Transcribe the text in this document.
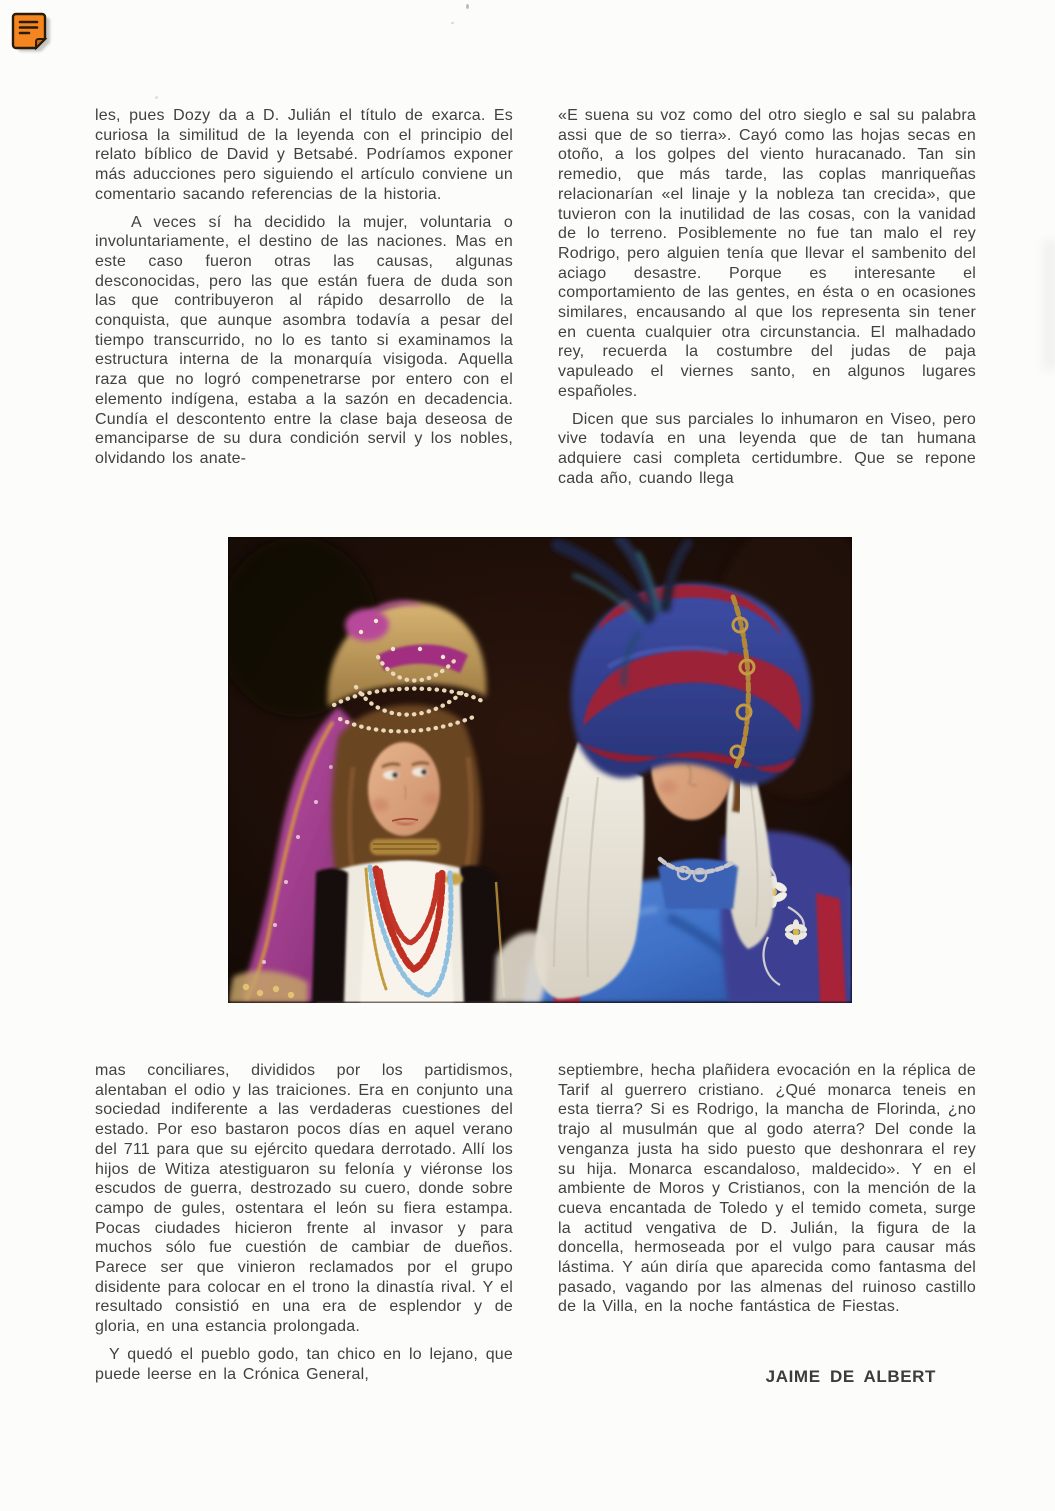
les, pues Dozy da a D. Julián el título de exarca. Es curiosa la similitud de la leyenda con el principio del relato bíblico de David y Betsabé. Podríamos exponer más aducciones pero siguiendo el artículo conviene un comentario sacando referencias de la historia.

A veces sí ha decidido la mujer, voluntaria o involuntariamente, el destino de las naciones. Mas en este caso fueron otras las causas, algunas desconocidas, pero las que están fuera de duda son las que contribuyeron al rápido desarrollo de la conquista, que aunque asombra todavía a pesar del tiempo transcurrido, no lo es tanto si examinamos la estructura interna de la monarquía visigoda. Aquella raza que no logró compenetrarse por entero con el elemento indígena, estaba a la sazón en decadencia. Cundía el descontento entre la clase baja deseosa de emanciparse de su dura condición servil y los nobles, olvidando los anate-

«E suena su voz como del otro sieglo e sal su palabra assi que de so tierra». Cayó como las hojas secas en otoño, a los golpes del viento huracanado. Tan sin remedio, que más tarde, las coplas manriqueñas relacionarían «el linaje y la nobleza tan crecida», que tuvieron con la inutilidad de las cosas, con la vanidad de lo terreno. Posiblemente no fue tan malo el rey Rodrigo, pero alguien tenía que llevar el sambenito del aciago desastre. Porque es interesante el comportamiento de las gentes, en ésta o en ocasiones similares, encausando al que los representa sin tener en cuenta cualquier otra circunstancia. El malhadado rey, recuerda la costumbre del judas de paja vapuleado el viernes santo, en algunos lugares españoles.

Dicen que sus parciales lo inhumaron en Viseo, pero vive todavía en una leyenda que de tan humana adquiere casi completa certidumbre. Que se repone cada año, cuando llega

mas conciliares, divididos por los partidismos, alentaban el odio y las traiciones. Era en conjunto una sociedad indiferente a las verdaderas cuestiones del estado. Por eso bastaron pocos días en aquel verano del 711 para que su ejército quedara derrotado. Allí los hijos de Witiza atestiguaron su felonía y viéronse los escudos de guerra, destrozado su cuero, donde sobre campo de gules, ostentara el león su fiera estampa. Pocas ciudades hicieron frente al invasor y para muchos sólo fue cuestión de cambiar de dueños. Parece ser que vinieron reclamados por el grupo disidente para colocar en el trono la dinastía rival. Y el resultado consistió en una era de esplendor y de gloria, en una estancia prolongada.

Y quedó el pueblo godo, tan chico en lo lejano, que puede leerse en la Crónica General,

septiembre, hecha plañidera evocación en la réplica de Tarif al guerrero cristiano. ¿Qué monarca teneis en esta tierra? Si es Rodrigo, la mancha de Florinda, ¿no trajo al musulmán que al godo aterra? Del conde la venganza justa ha sido puesto que deshonrara el rey su hija. Monarca escandaloso, maldecido». Y en el ambiente de Moros y Cristianos, con la mención de la cueva encantada de Toledo y el temido cometa, surge la actitud vengativa de D. Julián, la figura de la doncella, hermoseada por el vulgo para causar más lástima. Y aún diría que aparecida como fantasma del pasado, vagando por las almenas del ruinoso castillo de la Villa, en la noche fantástica de Fiestas.

JAIME DE ALBERT
